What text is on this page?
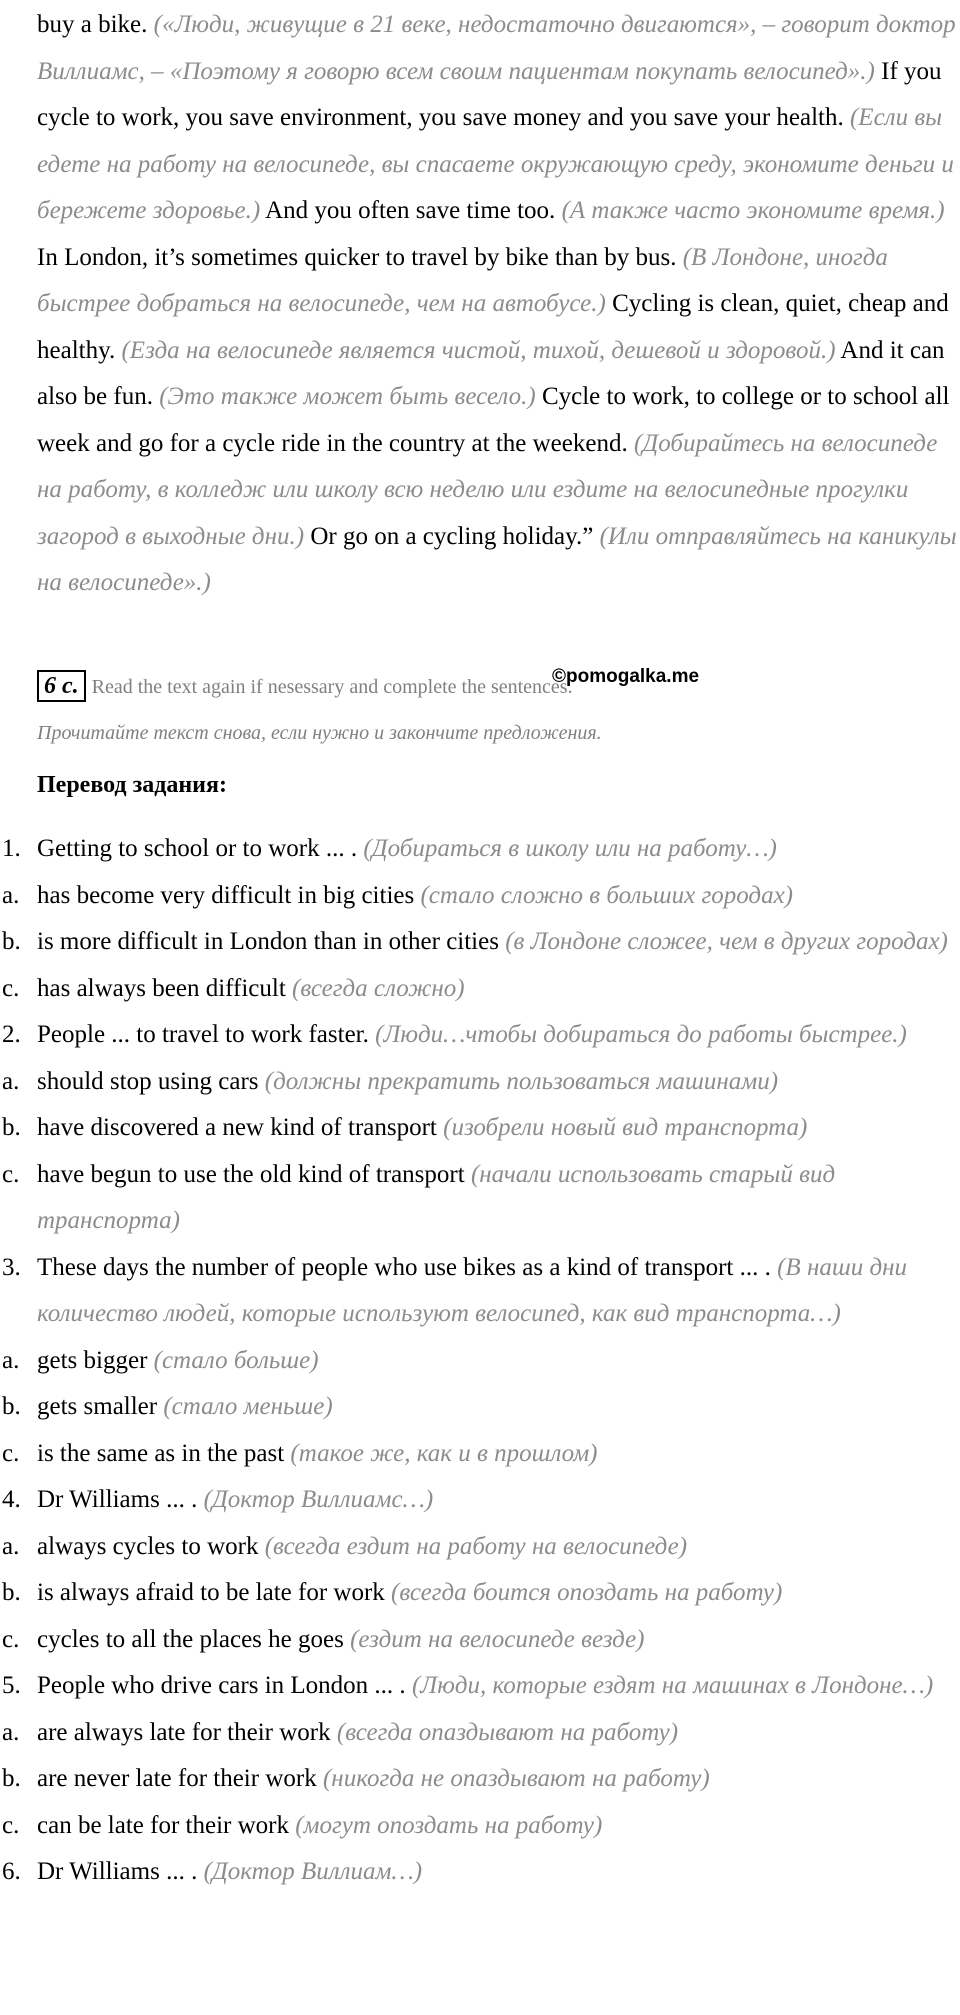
buy a bike. («Люди, живущие в 21 веке, недостаточно двигаются», – говорит доктор Виллиамс, – «Поэтому я говорю всем своим пациентам покупать велосипед».) If you cycle to work, you save environment, you save money and you save your health. (Если вы едете на работу на велосипеде, вы спасаете окружающую среду, экономите деньги и бережете здоровье.) And you often save time too. (А также часто экономите время.) In London, it’s sometimes quicker to travel by bike than by bus. (В Лондоне, иногда быстрее добраться на велосипеде, чем на автобусе.) Cycling is clean, quiet, cheap and healthy. (Езда на велосипеде является чистой, тихой, дешевой и здоровой.) And it can also be fun. (Это также может быть весело.) Cycle to work, to college or to school all week and go for a cycle ride in the country at the weekend. (Добирайтесь на велосипеде на работу, в колледж или школу всю неделю или ездите на велосипедные прогулки загород в выходные дни.) Or go on a cycling holiday.” (Или отправляйтесь на каникулы на велосипеде».)
6 c. Read the text again if nesessary and complete the sentences.
©pomogalka.me
Прочитайте текст снова, если нужно и закончите предложения.
Перевод задания:
1. Getting to school or to work ... . (Добираться в школу или на работу…)
a. has become very difficult in big cities (стало сложно в больших городах)
b. is more difficult in London than in other cities (в Лондоне сложее, чем в других городах)
c. has always been difficult (всегда сложно)
2. People ... to travel to work faster. (Люди…чтобы добираться до работы быстрее.)
a. should stop using cars (должны прекратить пользоваться машинами)
b. have discovered a new kind of transport (изобрели новый вид транспорта)
c. have begun to use the old kind of transport (начали использовать старый вид транспорта)
3. These days the number of people who use bikes as a kind of transport ... . (В наши дни количество людей, которые используют велосипед, как вид транспорта…)
a. gets bigger (стало больше)
b. gets smaller (стало меньше)
c. is the same as in the past (такое же, как и в прошлом)
4. Dr Williams ... . (Доктор Виллиамс…)
a. always cycles to work (всегда ездит на работу на велосипеде)
b. is always afraid to be late for work (всегда боится опоздать на работу)
c. cycles to all the places he goes (ездит на велосипеде везде)
5. People who drive cars in London ... . (Люди, которые ездят на машинах в Лондоне…)
a. are always late for their work (всегда опаздывают на работу)
b. are never late for their work (никогда не опаздывают на работу)
c. can be late for their work (могут опоздать на работу)
6. Dr Williams ... . (Доктор Виллиам…)
